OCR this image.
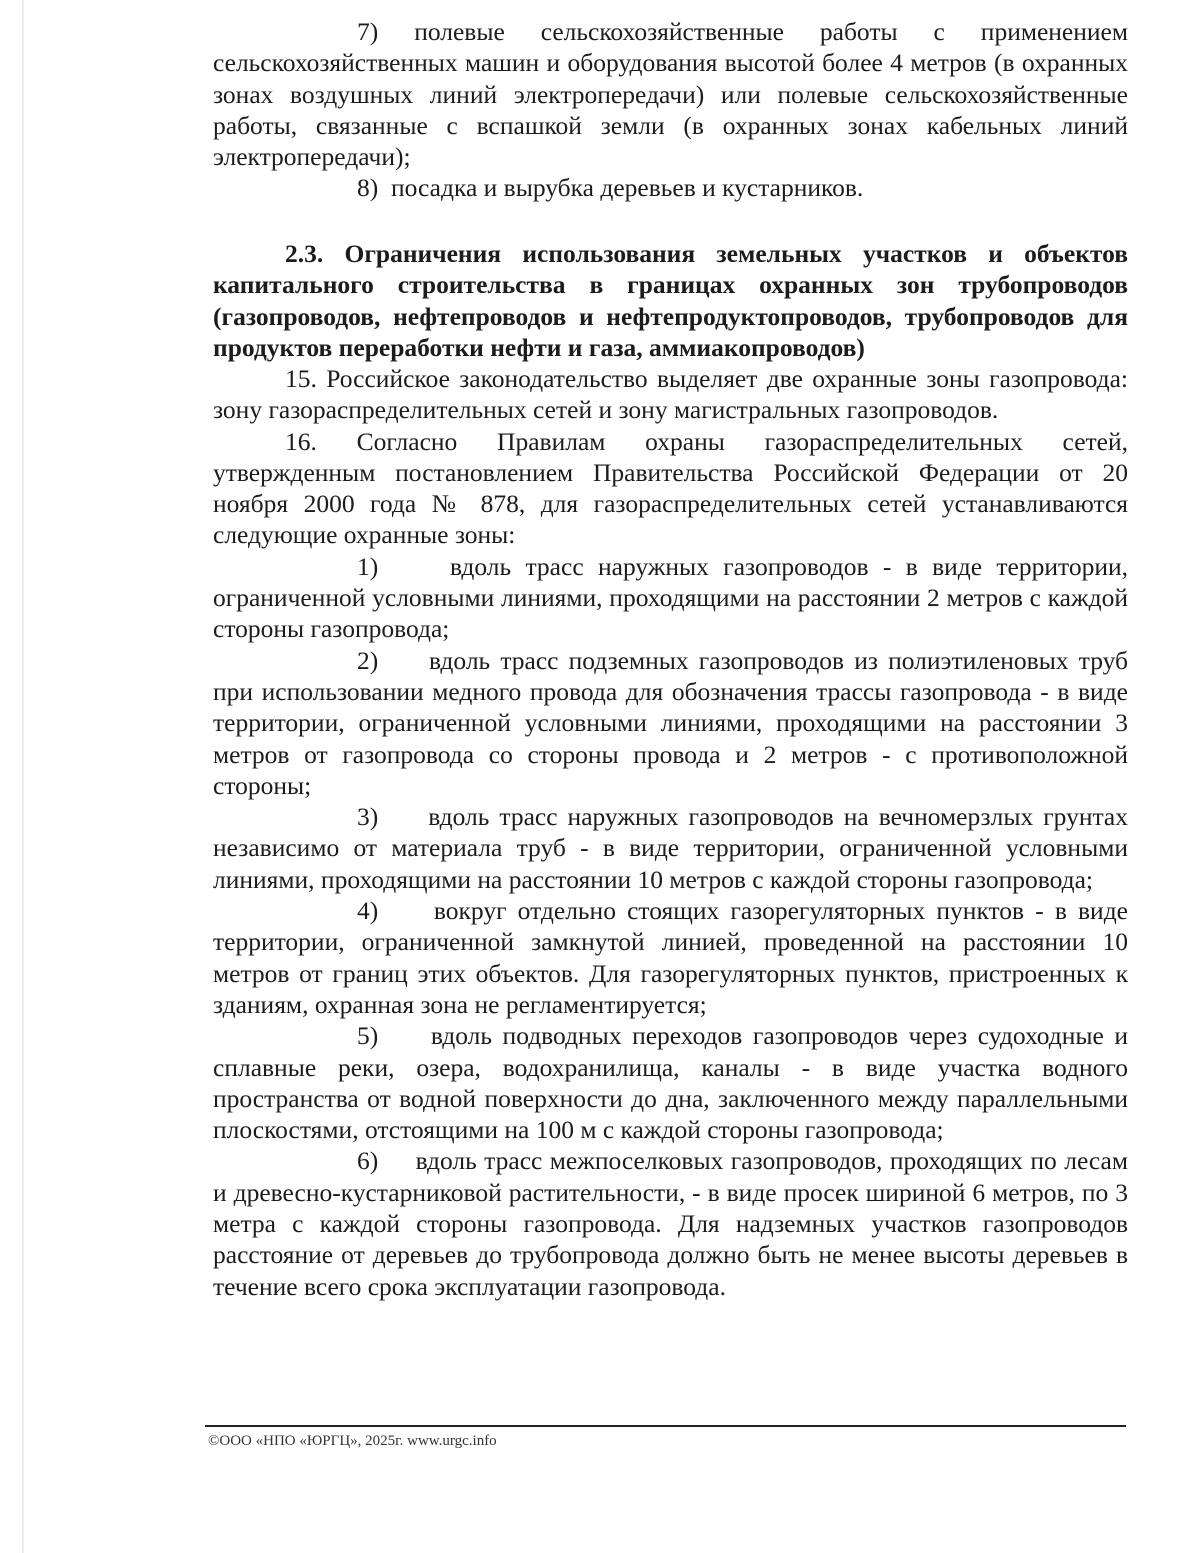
7) полевые сельскохозяйственные работы с применением сельскохозяйственных машин и оборудования высотой более 4 метров (в охранных зонах воздушных линий электропередачи) или полевые сельскохозяйственные работы, связанные с вспашкой земли (в охранных зонах кабельных линий электропередачи);

8) посадка и вырубка деревьев и кустарников.

2.3. Ограничения использования земельных участков и объектов капитального строительства в границах охранных зон трубопроводов (газопроводов, нефтепроводов и нефтепродуктопроводов, трубопроводов для продуктов переработки нефти и газа, аммиакопроводов)

15. Российское законодательство выделяет две охранные зоны газопровода: зону газораспределительных сетей и зону магистральных газопроводов.

16. Согласно Правилам охраны газораспределительных сетей, утвержденным постановлением Правительства Российской Федерации от 20 ноября 2000 года № 878, для газораспределительных сетей устанавливаются следующие охранные зоны:

1)	вдоль трасс наружных газопроводов - в виде территории, ограниченной условными линиями, проходящими на расстоянии 2 метров с каждой стороны газопровода;

2) вдоль трасс подземных газопроводов из полиэтиленовых труб при использовании медного провода для обозначения трассы газопровода - в виде территории, ограниченной условными линиями, проходящими на расстоянии 3 метров от газопровода со стороны провода и 2 метров - с противоположной стороны;

3) вдоль трасс наружных газопроводов на вечномерзлых грунтах независимо от материала труб - в виде территории, ограниченной условными линиями, проходящими на расстоянии 10 метров с каждой стороны газопровода;

4) вокруг отдельно стоящих газорегуляторных пунктов - в виде территории, ограниченной замкнутой линией, проведенной на расстоянии 10 метров от границ этих объектов. Для газорегуляторных пунктов, пристроенных к зданиям, охранная зона не регламентируется;

5) вдоль подводных переходов газопроводов через судоходные и сплавные реки, озера, водохранилища, каналы - в виде участка водного пространства от водной поверхности до дна, заключенного между параллельными плоскостями, отстоящими на 100 м с каждой стороны газопровода;

6) вдоль трасс межпоселковых газопроводов, проходящих по лесам и древесно-кустарниковой растительности, - в виде просек шириной 6 метров, по 3 метра с каждой стороны газопровода. Для надземных участков газопроводов расстояние от деревьев до трубопровода должно быть не менее высоты деревьев в течение всего срока эксплуатации газопровода.

©ООО «НПО «ЮРГЦ», 2025г. www.urgc.info
